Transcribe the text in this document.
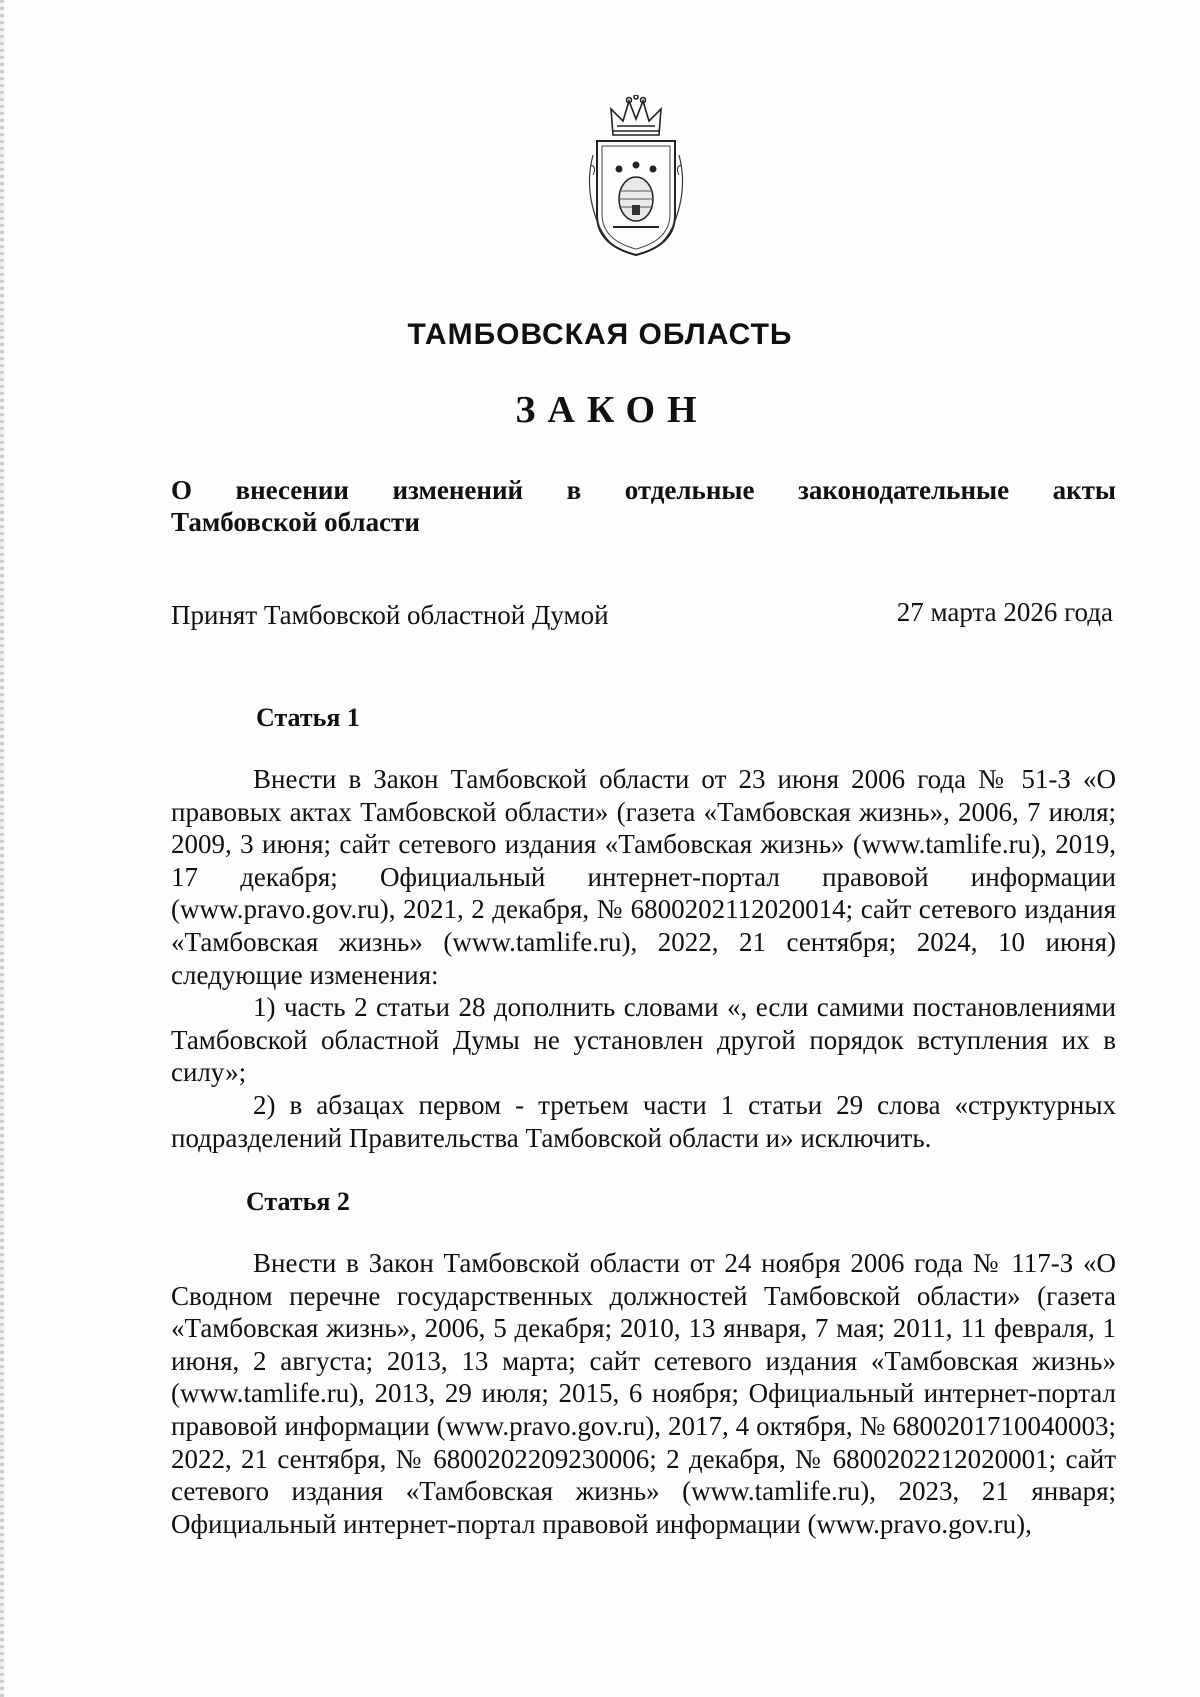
ТАМБОВСКАЯ ОБЛАСТЬ
ЗАКОН
О внесении изменений в отдельные законодательные акты
Тамбовской области
Принят Тамбовской областной Думой	27 марта 2026 года
Статья 1

Внести в Закон Тамбовской области от 23 июня 2006 года № 51-З «О правовых актах Тамбовской области» (газета «Тамбовская жизнь», 2006, 7 июля; 2009, 3 июня; сайт сетевого издания «Тамбовская жизнь» (www.tamlife.ru), 2019, 17 декабря; Официальный интернет-портал правовой информации (www.pravo.gov.ru), 2021, 2 декабря, № 6800202112020014; сайт сетевого издания «Тамбовская жизнь» (www.tamlife.ru), 2022, 21 сентября; 2024, 10 июня) следующие изменения:

1) часть 2 статьи 28 дополнить словами «, если самими постановлениями Тамбовской областной Думы не установлен другой порядок вступления их в силу»;

2) в абзацах первом - третьем части 1 статьи 29 слова «структурных подразделений Правительства Тамбовской области и» исключить.

Статья 2

Внести в Закон Тамбовской области от 24 ноября 2006 года № 117-З «О Сводном перечне государственных должностей Тамбовской области» (газета «Тамбовская жизнь», 2006, 5 декабря; 2010, 13 января, 7 мая; 2011, 11 февраля, 1 июня, 2 августа; 2013, 13 марта; сайт сетевого издания «Тамбовская жизнь» (www.tamlife.ru), 2013, 29 июля; 2015, 6 ноября; Официальный интернет-портал правовой информации (www.pravo.gov.ru), 2017, 4 октября, № 6800201710040003; 2022, 21 сентября, № 6800202209230006; 2 декабря, № 6800202212020001; сайт сетевого издания «Тамбовская жизнь» (www.tamlife.ru), 2023, 21 января; Официальный интернет-портал правовой информации (www.pravo.gov.ru),
